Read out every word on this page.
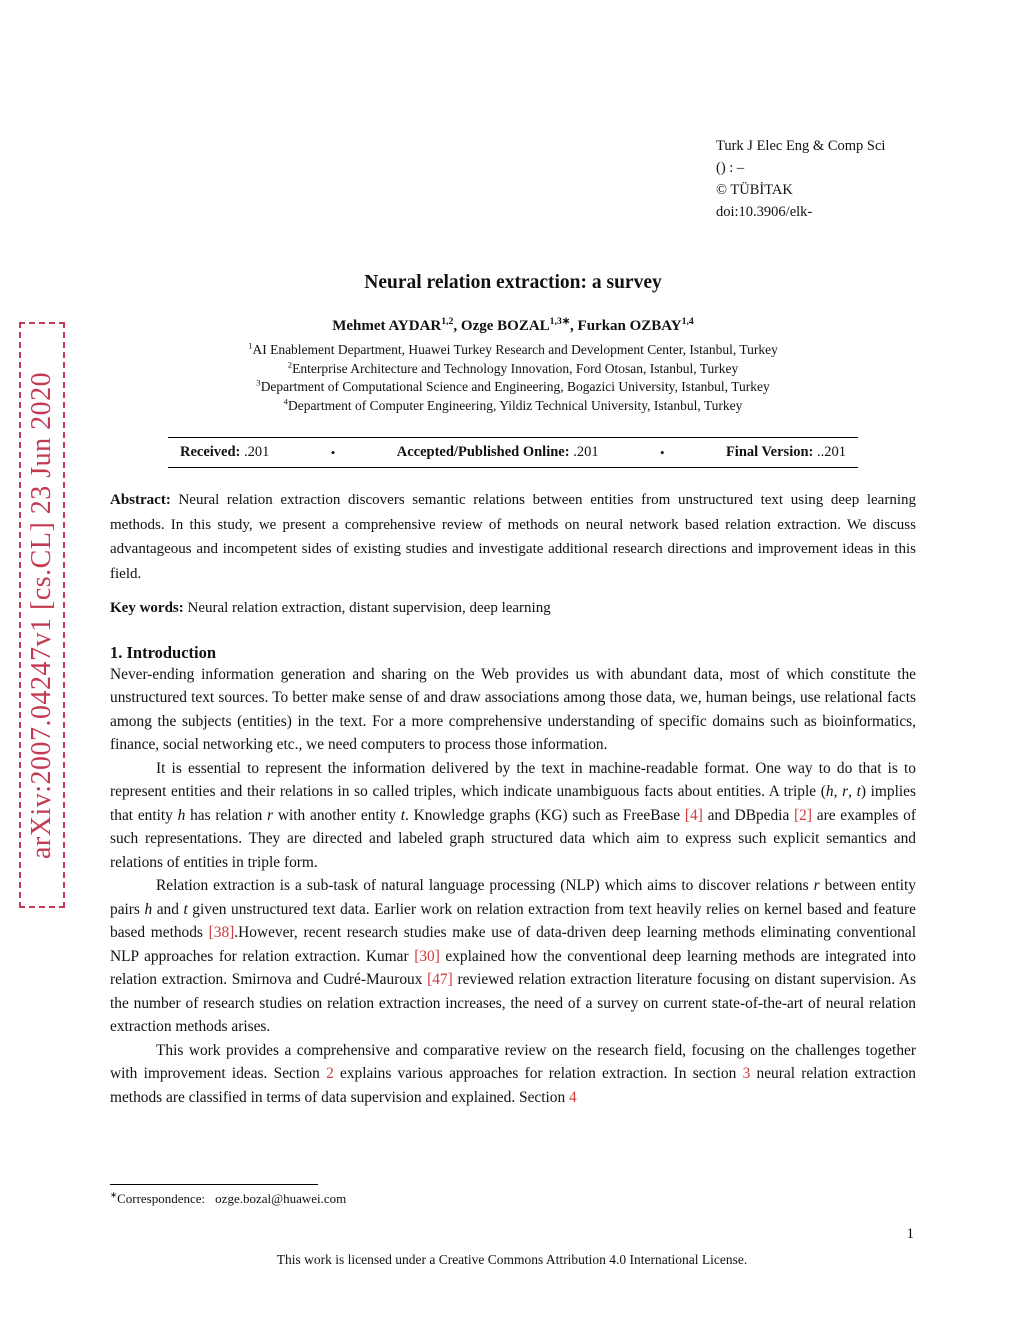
Turk J Elec Eng & Comp Sci
() : –
© TÜBİTAK
doi:10.3906/elk-
arXiv:2007.04247v1 [cs.CL] 23 Jun 2020
Neural relation extraction: a survey
Mehmet AYDAR$^{1,2}$, Ozge $BOZAL^{1,3∗}$, Furkan OZBAY$^{1,4}$
$^1$AI Enablement Department, Huawei Turkey Research and Development Center, Istanbul, Turkey
$^2$Enterprise Architecture and Technology Innovation, Ford Otosan, Istanbul, Turkey
$^3$Department of Computational Science and Engineering, Bogazici University, Istanbul, Turkey
$^4$Department of Computer Engineering, Yildiz Technical University, Istanbul, Turkey
Received: .201	•	Accepted/Published Online: .201	•	Final Version: ..201

Abstract: Neural relation extraction discovers semantic relations between entities from unstructured text using deep learning methods. In this study, we present a comprehensive review of methods on neural network based relation extraction. We discuss advantageous and incompetent sides of existing studies and investigate additional research directions and improvement ideas in this field.

Key words: Neural relation extraction, distant supervision, deep learning

1. Introduction

Never-ending information generation and sharing on the Web provides us with abundant data, most of which constitute the unstructured text sources. To better make sense of and draw associations among those data, we, human beings, use relational facts among the subjects (entities) in the text. For a more comprehensive understanding of specific domains such as bioinformatics, finance, social networking etc., we need computers to process those information.

It is essential to represent the information delivered by the text in machine-readable format. One way to do that is to represent entities and their relations in so called triples, which indicate unambiguous facts about entities. A triple (h, r, t) implies that entity h has relation r with another entity t. Knowledge graphs (KG) such as FreeBase [4] and DBpedia [2] are examples of such representations. They are directed and labeled graph structured data which aim to express such explicit semantics and relations of entities in triple form.

Relation extraction is a sub-task of natural language processing (NLP) which aims to discover relations r between entity pairs h and t given unstructured text data. Earlier work on relation extraction from text heavily relies on kernel based and feature based methods [38].However, recent research studies make use of data-driven deep learning methods eliminating conventional NLP approaches for relation extraction. Kumar [30] explained how the conventional deep learning methods are integrated into relation extraction. Smirnova and Cudré-Mauroux [47] reviewed relation extraction literature focusing on distant supervision. As the number of research studies on relation extraction increases, the need of a survey on current state-of-the-art of neural relation extraction methods arises.

This work provides a comprehensive and comparative review on the research field, focusing on the challenges together with improvement ideas. Section 2 explains various approaches for relation extraction. In section 3 neural relation extraction methods are classified in terms of data supervision and explained. Section 4

∗Correspondence: ozge.bozal@huawei.com
1
This work is licensed under a Creative Commons Attribution 4.0 International License.
